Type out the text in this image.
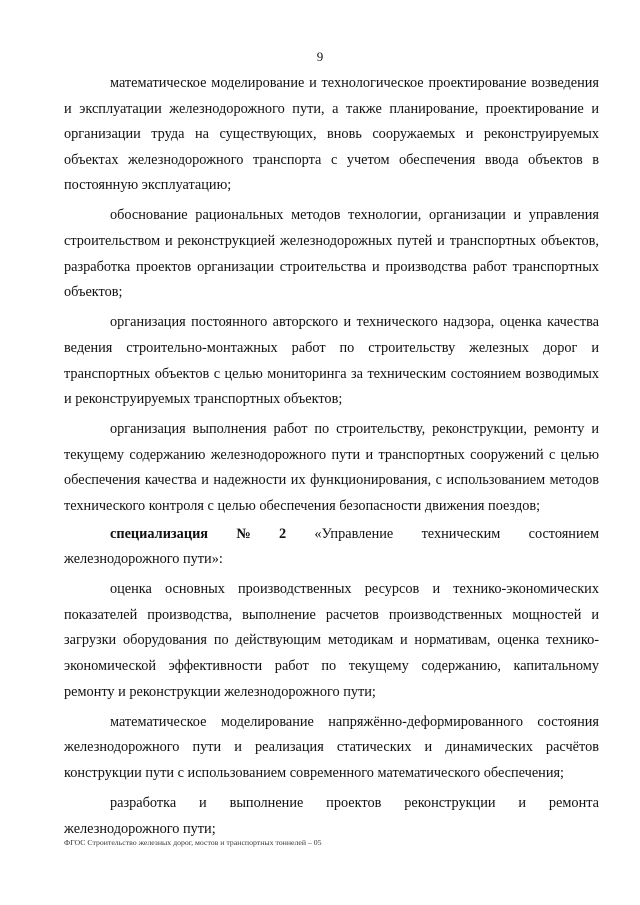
9

математическое моделирование и технологическое проектирование возведения и эксплуатации железнодорожного пути, а также планирование, проектирование и организации труда на существующих, вновь сооружаемых и реконструируемых объектах железнодорожного транспорта с учетом обеспечения ввода объектов в постоянную эксплуатацию;

обоснование рациональных методов технологии, организации и управления строительством и реконструкцией железнодорожных путей и транспортных объектов, разработка проектов организации строительства и производства работ транспортных объектов;

организация постоянного авторского и технического надзора, оценка качества ведения строительно-монтажных работ по строительству железных дорог и транспортных объектов с целью мониторинга за техническим состоянием возводимых и реконструируемых транспортных объектов;

организация выполнения работ по строительству, реконструкции, ремонту и текущему содержанию железнодорожного пути и транспортных сооружений с целью обеспечения качества и надежности их функционирования, с использованием методов технического контроля с целью обеспечения безопасности движения поездов;

специализация № 2 «Управление техническим состоянием

железнодорожного пути»:

оценка основных производственных ресурсов и технико-экономических показателей производства, выполнение расчетов производственных мощностей и загрузки оборудования по действующим методикам и нормативам, оценка технико-экономической эффективности работ по текущему содержанию, капитальному ремонту и реконструкции железнодорожного пути;

математическое моделирование напряжённо-деформированного состояния железнодорожного пути и реализация статических и динамических расчётов конструкции пути с использованием современного математического обеспечения;

разработка и выполнение проектов реконструкции и ремонта железнодорожного пути;

ФГОС Строительство железных дорог, мостов и транспортных тоннелей – 05
